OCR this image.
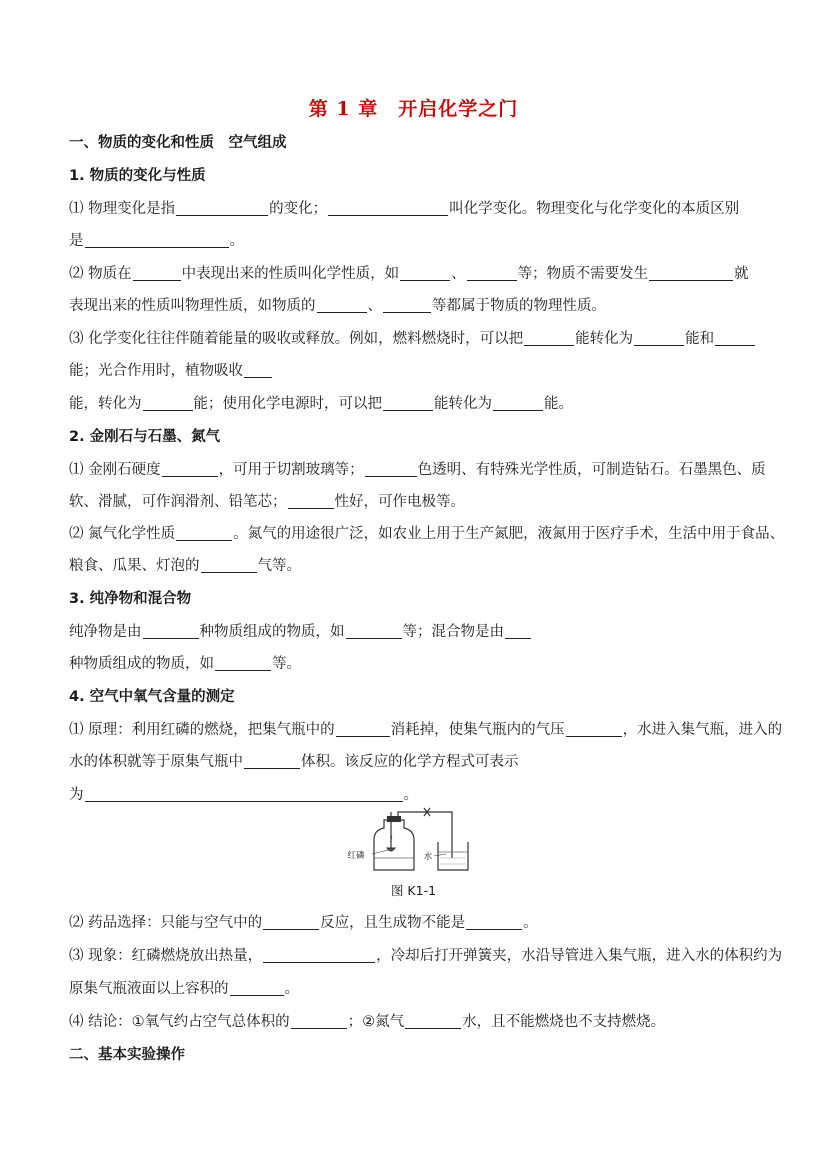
第 1 章　开启化学之门
一、物质的变化和性质　空气组成
1. 物质的变化与性质
⑴ 物理变化是指	的变化；	叫化学变化。物理变化与化学变化的本质区别
是	。
⑵ 物质在	中表现出来的性质叫化学性质，如	、	等；物质不需要发生	就
表现出来的性质叫物理性质，如物质的	、	等都属于物质的物理性质。
⑶ 化学变化往往伴随着能量的吸收或释放。例如，燃料燃烧时，可以把	能转化为	能和
能；光合作用时，植物吸收
能，转化为	能；使用化学电源时，可以把	能转化为	能。
2. 金刚石与石墨、氮气
⑴ 金刚石硬度	，可用于切割玻璃等；	色透明、有特殊光学性质，可制造钻石。石墨黑色、质
软、滑腻，可作润滑剂、铅笔芯；	性好，可作电极等。
⑵ 氮气化学性质	。氮气的用途很广泛，如农业上用于生产氮肥，液氮用于医疗手术，生活中用于食品、
粮食、瓜果、灯泡的	气等。
3. 纯净物和混合物
纯净物是由	种物质组成的物质，如	等；混合物是由
种物质组成的物质，如	等。
4. 空气中氧气含量的测定
⑴ 原理：利用红磷的燃烧，把集气瓶中的	消耗掉，使集气瓶内的气压	，水进入集气瓶，进入的
水的体积就等于原集气瓶中	体积。该反应的化学方程式可表示
为	。
红磷	水
图 K1-1
⑵ 药品选择：只能与空气中的	反应，且生成物不能是	。
⑶ 现象：红磷燃烧放出热量，	，冷却后打开弹簧夹，水沿导管进入集气瓶，进入水的体积约为
原集气瓶液面以上容积的	。
⑷ 结论：①氧气约占空气总体积的	；②氮气	水，且不能燃烧也不支持燃烧。
二、基本实验操作
